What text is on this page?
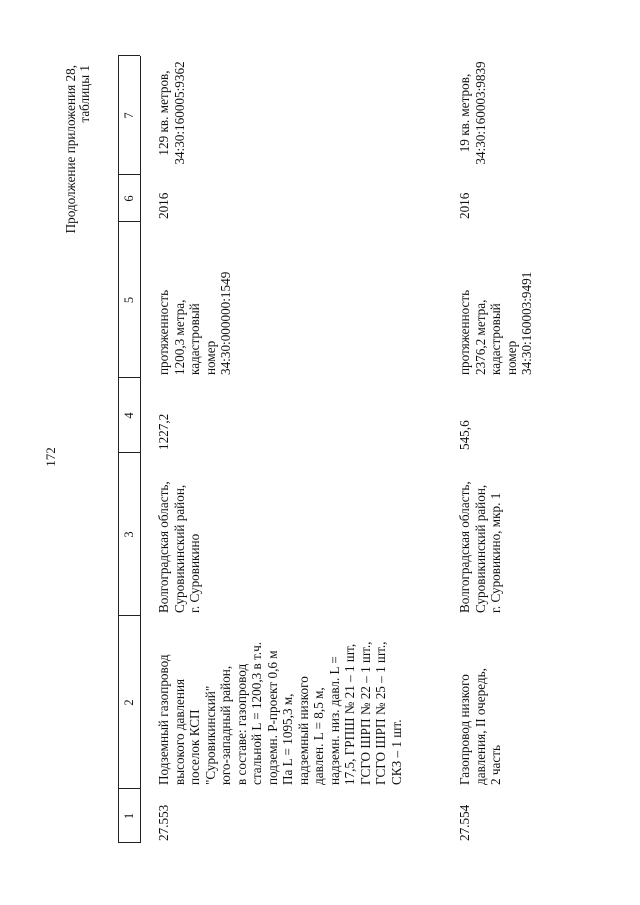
172
Продолжение приложения 28, таблицы 1
1
2
3
4
5
6
7
27.553
Подземный газопровод высокого давления поселок КСП "Суровикинский" юго-западный район, в составе: газопровод стальной L = 1200,3 в т.ч. подземн. Р-проект 0,6 м Па L = 1095,3 м, надземный низкого давлен. L = 8,5 м, надземн. низ. давл. L = 17,5, ГРПШ № 21 – 1 шт, ГСГО ШРП № 22 – 1 шт., ГСГО ШРП № 25 – 1 шт., СКЗ – 1 шт.
Волгоградская область, Суровикинский район, г. Суровикино
1227,2
протяженность 1200,3 метра, кадастровый номер 34:30:000000:1549
2016
129 кв. метров, 34:30:160005:9362
27.554
Газопровод низкого давления, II очередь, 2 часть
Волгоградская область, Суровикинский район, г. Суровикино, мкр. 1
545,6
протяженность 2376,2 метра, кадастровый номер 34:30:160003:9491
2016
19 кв. метров, 34:30:160003:9839
